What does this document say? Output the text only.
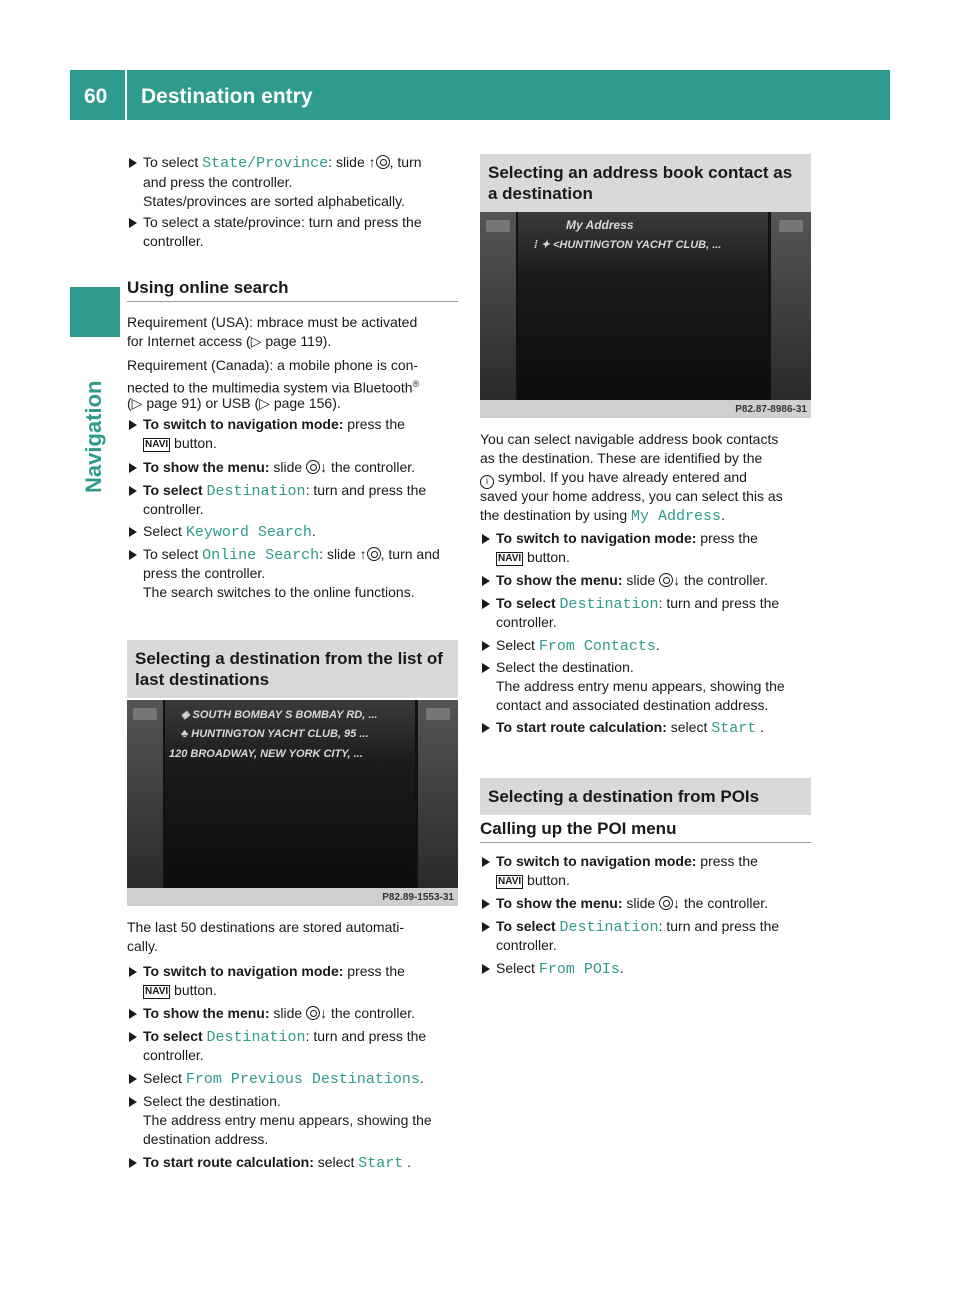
60 Destination entry
Navigation
To select State/Province: slide ↑ , turn
and press the controller.
States/provinces are sorted alphabetically.
To select a state/province: turn and press the
controller.
Using online search
Requirement (USA): mbrace must be activated
for Internet access (▷ page 119).
Requirement (Canada): a mobile phone is con-
nected to the multimedia system via Bluetooth®
(▷ page 91) or USB (▷ page 156).
To switch to navigation mode: press the
NAVI button.
To show the menu: slide ↓ the controller.
To select Destination: turn and press the
controller.
Select Keyword Search.
To select Online Search: slide ↑ , turn and
press the controller.
The search switches to the online functions.
Selecting a destination from the list of
last destinations
◈ SOUTH BOMBAY S BOMBAY RD, ...
♣ HUNTINGTON YACHT CLUB, 95 ...
120 BROADWAY, NEW YORK CITY, ...
P82.89-1553-31
The last 50 destinations are stored automati-
cally.
To switch to navigation mode: press the
NAVI button.
To show the menu: slide ↓ the controller.
To select Destination: turn and press the
controller.
Select From Previous Destinations.
Select the destination.
The address entry menu appears, showing the
destination address.
To start route calculation: select Start .
Selecting an address book contact as
a destination
My Address
⁞ ✦ <HUNTINGTON YACHT CLUB, ...
P82.87-8986-31
You can select navigable address book contacts
as the destination. These are identified by the
i symbol. If you have already entered and
saved your home address, you can select this as
the destination by using My Address.
To switch to navigation mode: press the
NAVI button.
To show the menu: slide ↓ the controller.
To select Destination: turn and press the
controller.
Select From Contacts.
Select the destination.
The address entry menu appears, showing the
contact and associated destination address.
To start route calculation: select Start .
Selecting a destination from POIs
Calling up the POI menu
To switch to navigation mode: press the
NAVI button.
To show the menu: slide ↓ the controller.
To select Destination: turn and press the
controller.
Select From POIs.
